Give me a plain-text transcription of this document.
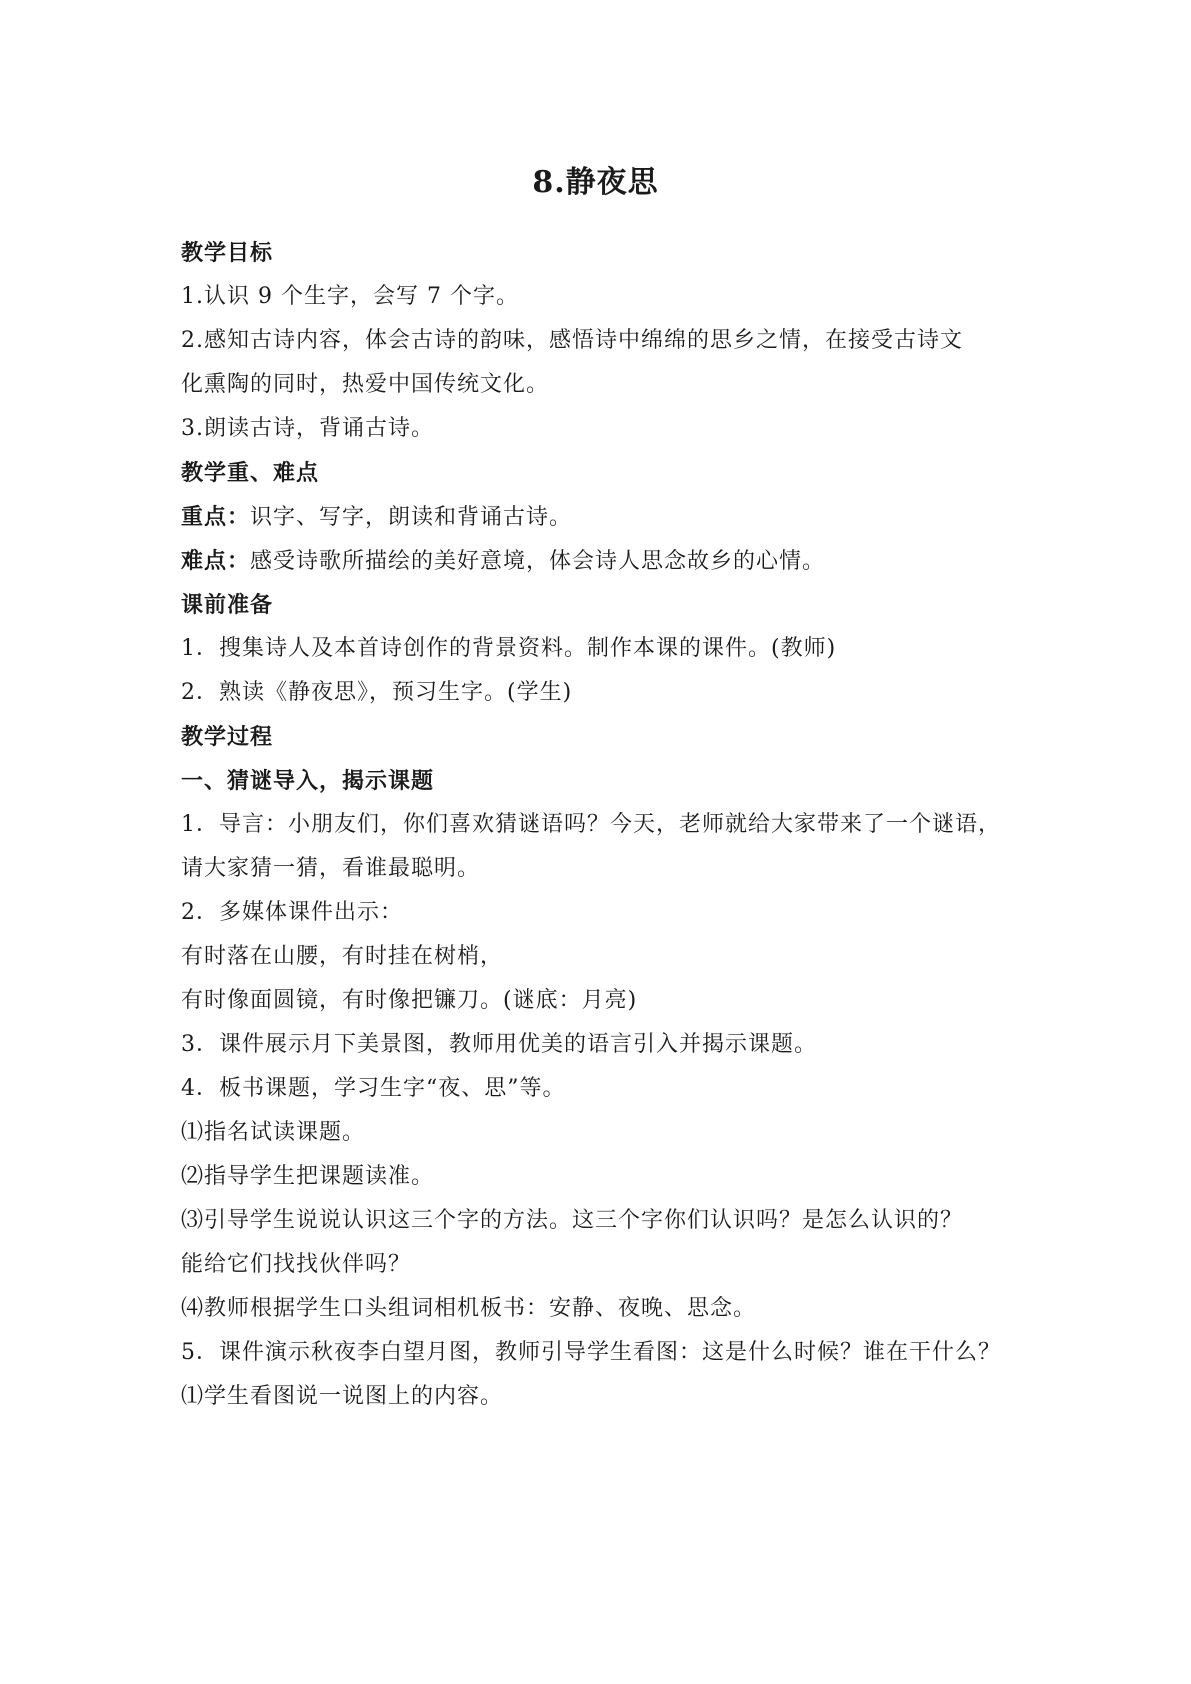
8.静夜思
教学目标
1.认识 9 个生字，会写 7 个字。
2.感知古诗内容，体会古诗的韵味，感悟诗中绵绵的思乡之情，在接受古诗文
化熏陶的同时，热爱中国传统文化。
3.朗读古诗，背诵古诗。
教学重、难点
重点：识字、写字，朗读和背诵古诗。
难点：感受诗歌所描绘的美好意境，体会诗人思念故乡的心情。
课前准备
1．搜集诗人及本首诗创作的背景资料。制作本课的课件。(教师)
2．熟读《静夜思》，预习生字。(学生)
教学过程
一、猜谜导入，揭示课题
1．导言：小朋友们，你们喜欢猜谜语吗？今天，老师就给大家带来了一个谜语，
请大家猜一猜，看谁最聪明。
2．多媒体课件出示：
有时落在山腰，有时挂在树梢，
有时像面圆镜，有时像把镰刀。(谜底：月亮)
3．课件展示月下美景图，教师用优美的语言引入并揭示课题。
4．板书课题，学习生字“夜、思”等。
⑴指名试读课题。
⑵指导学生把课题读准。
⑶引导学生说说认识这三个字的方法。这三个字你们认识吗？是怎么认识的？
能给它们找找伙伴吗？
⑷教师根据学生口头组词相机板书：安静、夜晚、思念。
5．课件演示秋夜李白望月图，教师引导学生看图：这是什么时候？谁在干什么？
⑴学生看图说一说图上的内容。
